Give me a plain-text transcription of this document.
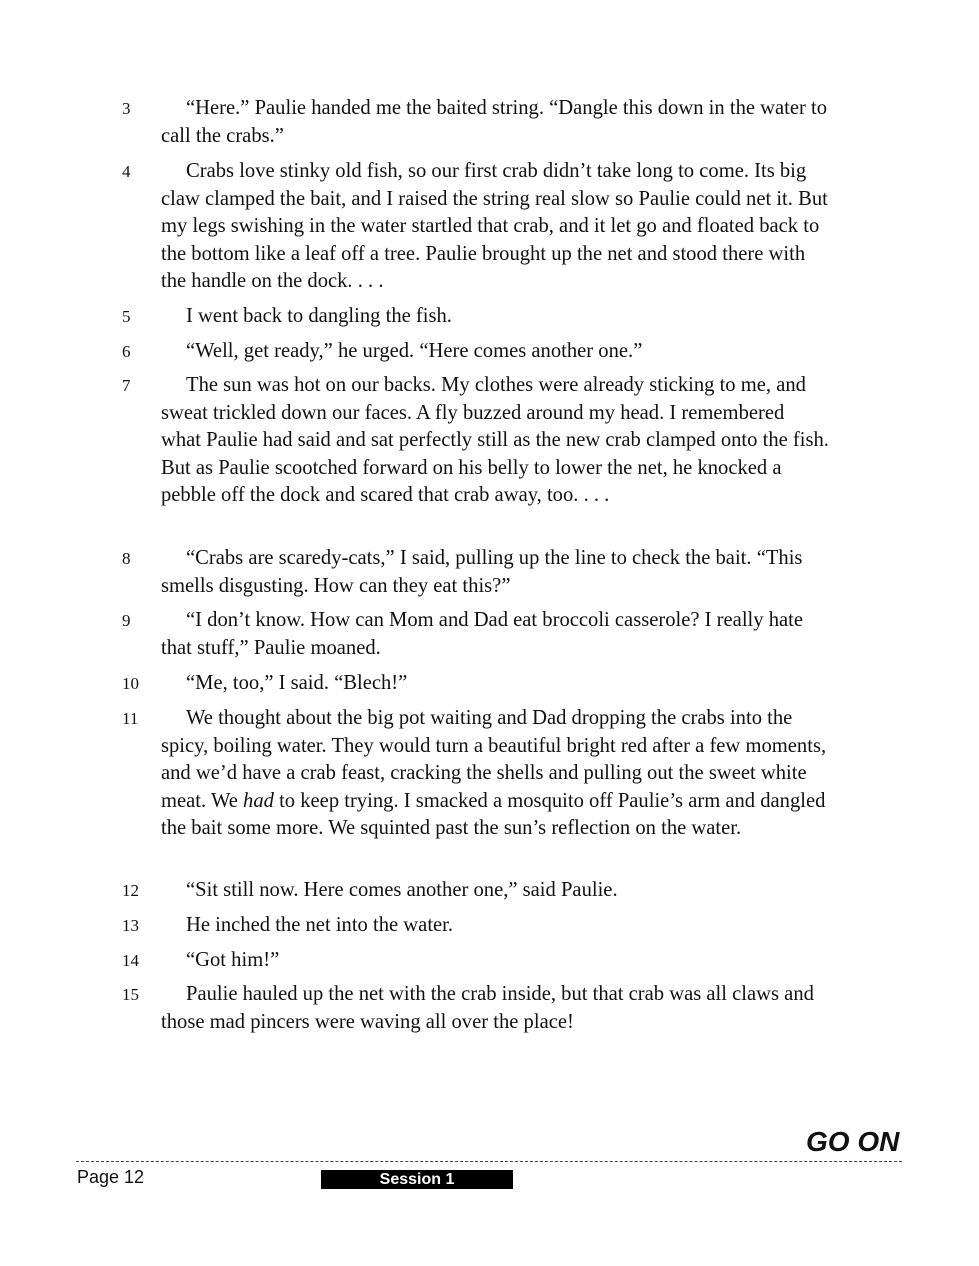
3	“Here.” Paulie handed me the baited string. “Dangle this down in the water to call the crabs.”

4	Crabs love stinky old fish, so our first crab didn’t take long to come. Its big claw clamped the bait, and I raised the string real slow so Paulie could net it. But my legs swishing in the water startled that crab, and it let go and floated back to the bottom like a leaf off a tree. Paulie brought up the net and stood there with the handle on the dock. . . .

5	I went back to dangling the fish.

6	“Well, get ready,” he urged. “Here comes another one.”

7	The sun was hot on our backs. My clothes were already sticking to me, and sweat trickled down our faces. A fly buzzed around my head. I remembered what Paulie had said and sat perfectly still as the new crab clamped onto the fish. But as Paulie scootched forward on his belly to lower the net, he knocked a pebble off the dock and scared that crab away, too. . . .

8	“Crabs are scaredy-cats,” I said, pulling up the line to check the bait. “This smells disgusting. How can they eat this?”

9	“I don’t know. How can Mom and Dad eat broccoli casserole? I really hate that stuff,” Paulie moaned.

10	“Me, too,” I said. “Blech!”

11	We thought about the big pot waiting and Dad dropping the crabs into the spicy, boiling water. They would turn a beautiful bright red after a few moments, and we’d have a crab feast, cracking the shells and pulling out the sweet white meat. We had to keep trying. I smacked a mosquito off Paulie’s arm and dangled the bait some more. We squinted past the sun’s reflection on the water.

12	“Sit still now. Here comes another one,” said Paulie.

13	He inched the net into the water.

14	“Got him!”

15	Paulie hauled up the net with the crab inside, but that crab was all claws and those mad pincers were waving all over the place!

GO ON
Page 12	Session 1
